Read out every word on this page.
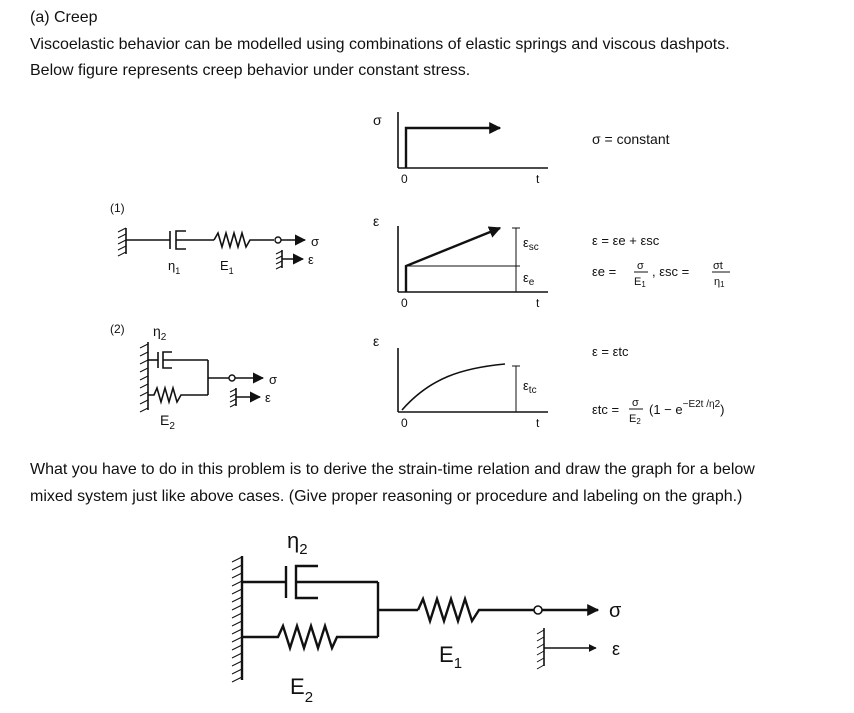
(a) Creep
Viscoelastic behavior can be modelled using combinations of elastic springs and viscous dashpots.
Below figure represents creep behavior under constant stress.
What you have to do in this problem is to derive the strain-time relation and draw the graph for a below
mixed system just like above cases. (Give proper reasoning or procedure and labeling on the graph.)
σ
0	t
σ = constant
(1)
σ
ε
$\eta_1$	$E_1$
ε
0	t
$\varepsilon_{sc}$
$\varepsilon_e$
ε = εe + εsc
εe = σ
E1
, εsc = σt
η1
(2) $\eta_2$
σ
ε
$E_2$
ε
0	t
$\varepsilon_{tc}$
ε = εtc
εtc = σ
E2
$(1 - e^{-E2t /\eta 2})$
$\eta_2$
σ
ε
$E_1$
$E_2$
